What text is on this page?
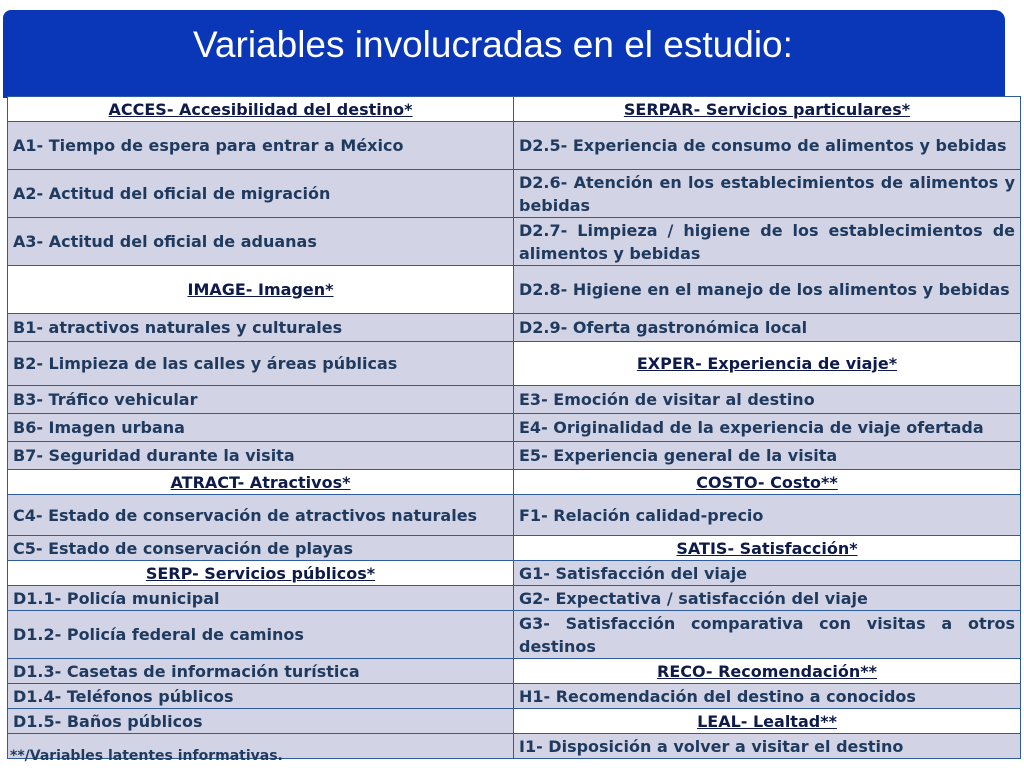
Variables involucradas en el estudio:
ACCES- Accesibilidad del destino*	SERPAR- Servicios particulares*
A1- Tiempo de espera para entrar a México	D2.5- Experiencia de consumo de alimentos y bebidas
A2- Actitud del oficial de migración	D2.6- Atención en los establecimientos de alimentos y bebidas
A3- Actitud del oficial de aduanas	D2.7- Limpieza / higiene de los establecimientos de alimentos y bebidas
IMAGE- Imagen*	D2.8- Higiene en el manejo de los alimentos y bebidas
B1- atractivos naturales y culturales	D2.9- Oferta gastronómica local
B2- Limpieza de las calles y áreas públicas	EXPER- Experiencia de viaje*
B3- Tráfico vehicular	E3- Emoción de visitar al destino
B6- Imagen urbana	E4- Originalidad de la experiencia de viaje ofertada
B7- Seguridad durante la visita	E5- Experiencia general de la visita
ATRACT- Atractivos*	COSTO- Costo**
C4- Estado de conservación de atractivos naturales	F1- Relación calidad-precio
C5- Estado de conservación de playas	SATIS- Satisfacción*
SERP- Servicios públicos*	G1- Satisfacción del viaje
D1.1- Policía municipal	G2- Expectativa / satisfacción del viaje
D1.2- Policía federal de caminos	G3- Satisfacción comparativa con visitas a otros destinos
D1.3- Casetas de información turística	RECO- Recomendación**
D1.4- Teléfonos públicos	H1- Recomendación del destino a conocidos
D1.5- Baños públicos	LEAL- Lealtad**
	I1- Disposición a volver a visitar el destino
**/Variables latentes informativas.
